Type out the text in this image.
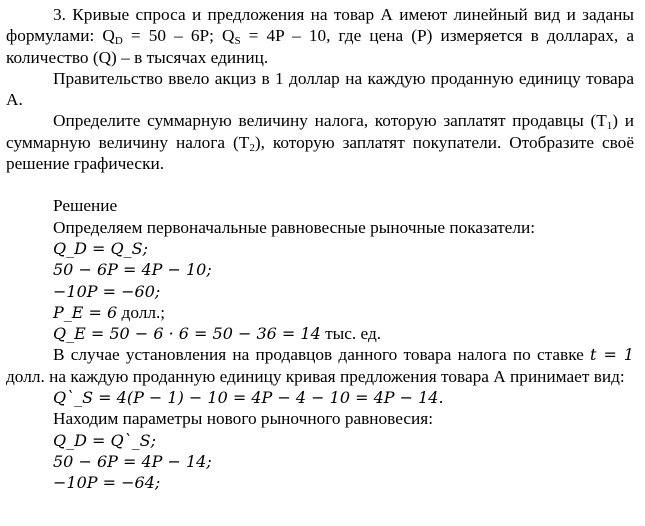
3. Кривые спроса и предложения на товар А имеют линейный вид и заданы формулами: $Q_D = 50 - 6P$; $Q_S = 4P - 10$, где цена (P) измеряется в долларах, а количество (Q) – в тысячах единиц.

Правительство ввело акциз в 1 доллар на каждую проданную единицу товара А.

Определите суммарную величину налога, которую заплатят продавцы $(T_1)$ и суммарную величину налога $(T_2)$, которую заплатят покупатели. Отобразите своё решение графически.

Решение

Определяем первоначальные равновесные рыночные показатели:

Q_D = Q_S;

50 − 6P = 4P − 10;

−10P = −60;

P_E = 6 долл.;

Q_E = 50 − 6 · 6 = 50 − 36 = 14 тыс. ед.

В случае установления на продавцов данного товара налога по ставке t = 1 долл. на каждую проданную единицу кривая предложения товара А принимает вид:

Q`_S = 4(P − 1) − 10 = 4P − 4 − 10 = 4P − 14.

Находим параметры нового рыночного равновесия:

Q_D = Q`_S;

50 − 6P = 4P − 14;

−10P = −64;
